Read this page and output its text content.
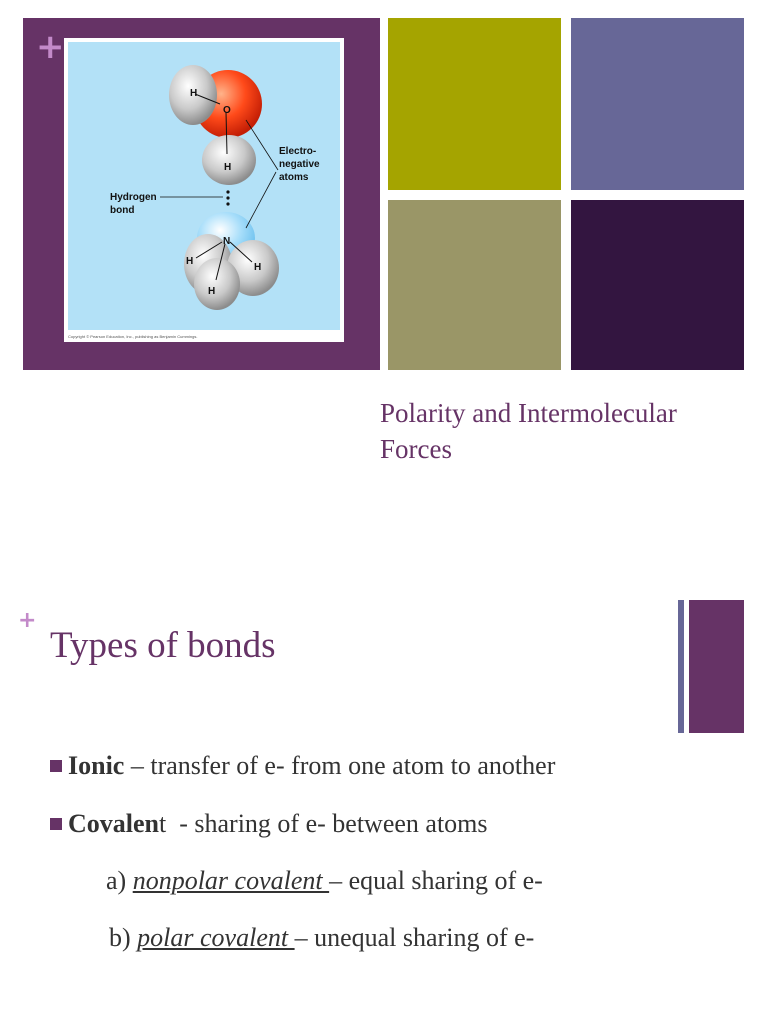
+
H
O
H
N
H
H
H
Electro-
negative
atoms
Hydrogen
bond
Copyright © Pearson Education, Inc., publishing as Benjamin Cummings.
Polarity and Intermolecular Forces
+
Types of bonds
Ionic – transfer of e- from one atom to another
Covalent  - sharing of e- between atoms
a) nonpolar covalent – equal sharing of e-
b) polar covalent – unequal sharing of e-
